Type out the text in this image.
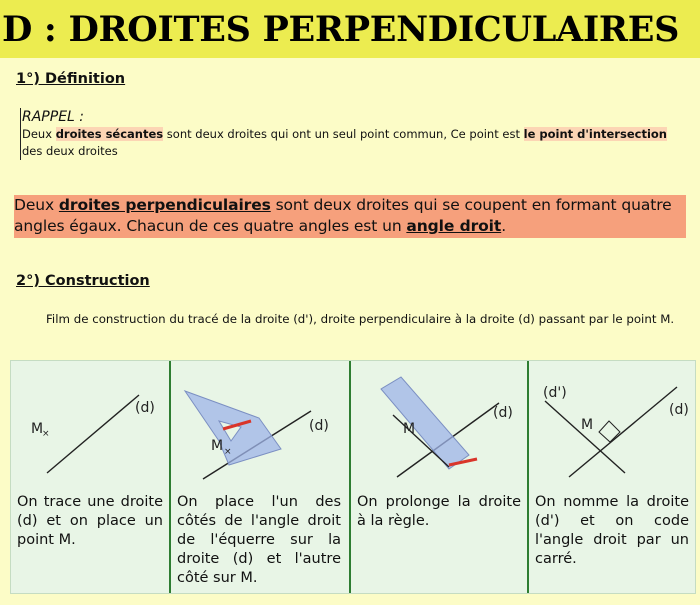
D : DROITES PERPENDICULAIRES
1°) Définition
RAPPEL :
Deux droites sécantes sont deux droites qui ont un seul point commun, Ce point est le point d'intersection des deux droites
Deux droites perpendiculaires sont deux droites qui se coupent en formant quatre angles égaux. Chacun de ces quatre angles est un angle droit.
2°) Construction
Film de construction du tracé de la droite (d'), droite perpendiculaire à la droite (d) passant par le point M.
(d)
M
×
On trace une droite (d) et on place un point M.
(d)
M ×
On place l'un des côtés de l'angle droit de l'équerre sur la droite (d) et l'autre côté sur M.
(d)
M
On prolonge la droite à la règle.
(d')
(d)
M
On nomme la droite (d') et on code l'angle droit par un carré.
